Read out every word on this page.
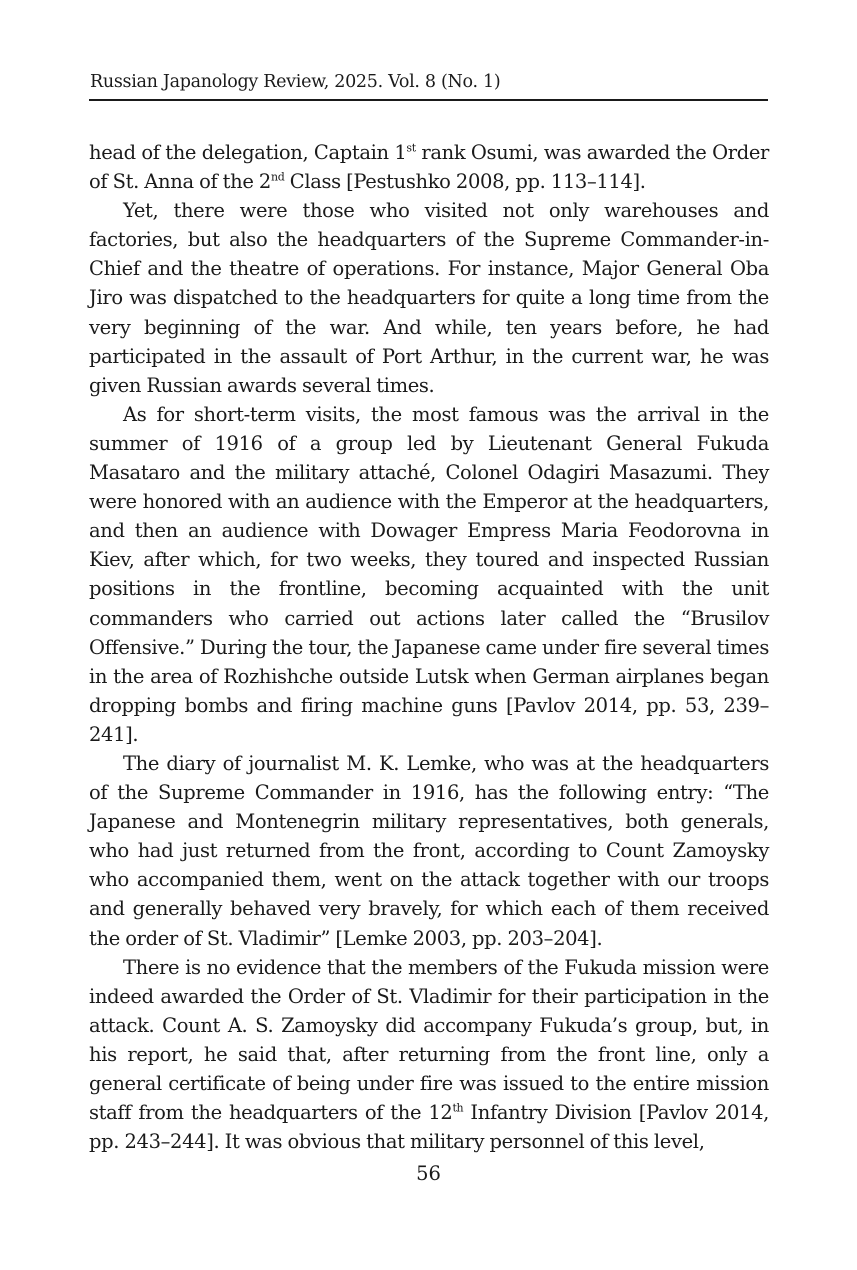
Russian Japanology Review, 2025. Vol. 8 (No. 1)

head of the delegation, Captain 1st rank Osumi, was awarded the Order of St. Anna of the 2nd Class [Pestushko 2008, pp. 113–114].

Yet, there were those who visited not only warehouses and factories, but also the headquarters of the Supreme Commander-in-Chief and the theatre of operations. For instance, Major General Oba Jiro was dispatched to the headquarters for quite a long time from the very beginning of the war. And while, ten years before, he had participated in the assault of Port Arthur, in the current war, he was given Russian awards several times.

As for short-term visits, the most famous was the arrival in the summer of 1916 of a group led by Lieutenant General Fukuda Masataro and the military attaché, Colonel Odagiri Masazumi. They were honored with an audience with the Emperor at the headquarters, and then an audience with Dowager Empress Maria Feodorovna in Kiev, after which, for two weeks, they toured and inspected Russian positions in the frontline, becoming acquainted with the unit commanders who carried out actions later called the “Brusilov Offensive.” During the tour, the Japanese came under fire several times in the area of Rozhishche outside Lutsk when German airplanes began dropping bombs and firing machine guns [Pavlov 2014, pp. 53, 239–241].

The diary of journalist M. K. Lemke, who was at the headquarters of the Supreme Commander in 1916, has the following entry: “The Japanese and Montenegrin military representatives, both generals, who had just returned from the front, according to Count Zamoysky who accompanied them, went on the attack together with our troops and generally behaved very bravely, for which each of them received the order of St. Vladimir” [Lemke 2003, pp. 203–204].

There is no evidence that the members of the Fukuda mission were indeed awarded the Order of St. Vladimir for their participation in the attack. Count A. S. Zamoysky did accompany Fukuda’s group, but, in his report, he said that, after returning from the front line, only a general certificate of being under fire was issued to the entire mission staff from the headquarters of the 12th Infantry Division [Pavlov 2014, pp. 243–244]. It was obvious that military personnel of this level,

56
